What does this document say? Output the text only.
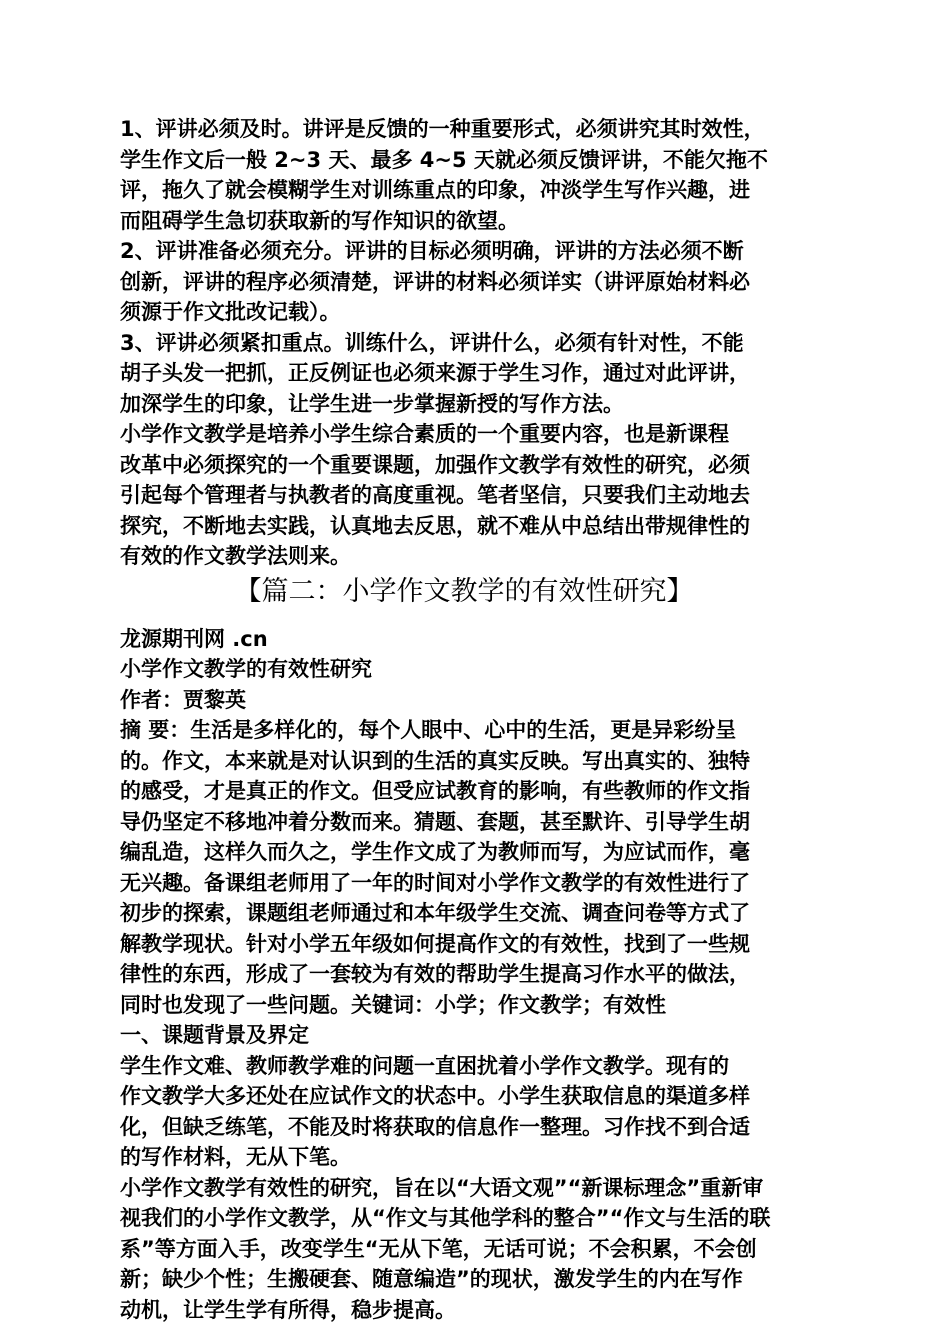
1、评讲必须及时。讲评是反馈的一种重要形式，必须讲究其时效性，
学生作文后一般 2~3 天、最多 4~5 天就必须反馈评讲，不能欠拖不
评，拖久了就会模糊学生对训练重点的印象，冲淡学生写作兴趣，进
而阻碍学生急切获取新的写作知识的欲望。

2、评讲准备必须充分。评讲的目标必须明确，评讲的方法必须不断
创新，评讲的程序必须清楚，评讲的材料必须详实（讲评原始材料必
须源于作文批改记载）。

3、评讲必须紧扣重点。训练什么，评讲什么，必须有针对性，不能
胡子头发一把抓，正反例证也必须来源于学生习作，通过对此评讲，
加深学生的印象，让学生进一步掌握新授的写作方法。

小学作文教学是培养小学生综合素质的一个重要内容，也是新课程
改革中必须探究的一个重要课题，加强作文教学有效性的研究，必须
引起每个管理者与执教者的高度重视。笔者坚信，只要我们主动地去
探究，不断地去实践，认真地去反思，就不难从中总结出带规律性的
有效的作文教学法则来。

【篇二：小学作文教学的有效性研究】

龙源期刊网 .cn

小学作文教学的有效性研究

作者：贾黎英

摘 要：生活是多样化的，每个人眼中、心中的生活，更是异彩纷呈
的。作文，本来就是对认识到的生活的真实反映。写出真实的、独特
的感受，才是真正的作文。但受应试教育的影响，有些教师的作文指
导仍坚定不移地冲着分数而来。猜题、套题，甚至默许、引导学生胡
编乱造，这样久而久之，学生作文成了为教师而写，为应试而作，毫
无兴趣。备课组老师用了一年的时间对小学作文教学的有效性进行了
初步的探索，课题组老师通过和本年级学生交流、调查问卷等方式了
解教学现状。针对小学五年级如何提高作文的有效性，找到了一些规
律性的东西，形成了一套较为有效的帮助学生提高习作水平的做法，
同时也发现了一些问题。关键词：小学；作文教学；有效性

一、课题背景及界定

学生作文难、教师教学难的问题一直困扰着小学作文教学。现有的
作文教学大多还处在应试作文的状态中。小学生获取信息的渠道多样
化，但缺乏练笔，不能及时将获取的信息作一整理。习作找不到合适
的写作材料，无从下笔。

小学作文教学有效性的研究，旨在以“大语文观”“新课标理念”重新审
视我们的小学作文教学，从“作文与其他学科的整合”“作文与生活的联
系”等方面入手，改变学生“无从下笔，无话可说；不会积累，不会创
新；缺少个性；生搬硬套、随意编造”的现状，激发学生的内在写作
动机，让学生学有所得，稳步提高。
